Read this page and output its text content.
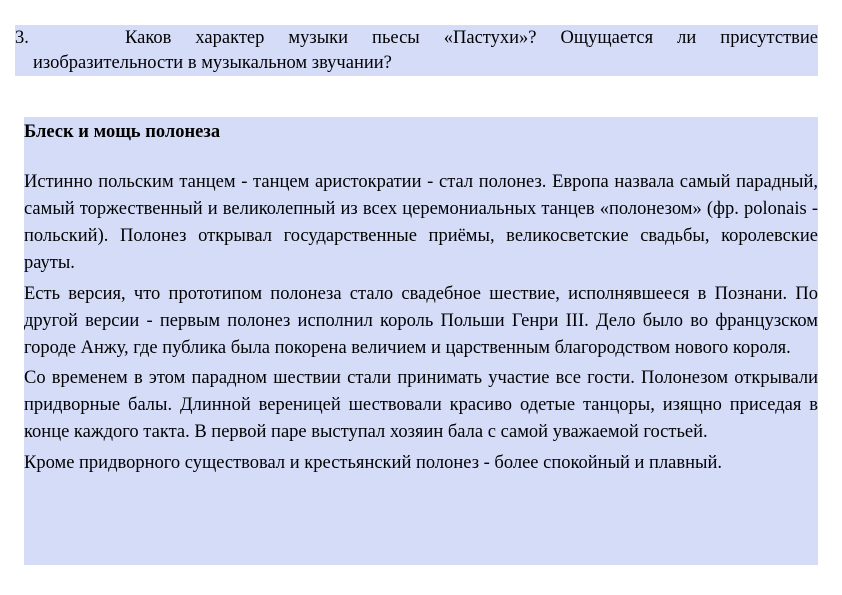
3.	Каков характер музыки пьесы «Пастухи»? Ощущается ли присутствие
изобразительности в музыкальном звучании?
Блеск и мощь полонеза

Истинно польским танцем - танцем аристократии - стал полонез. Европа назвала самый парадный, самый торжественный и великолепный из всех церемониальных танцев «полонезом» (фр. polonais - польский). Полонез открывал государственные приёмы, великосветские свадьбы, королевские рауты.

Есть версия, что прототипом полонеза стало свадебное шествие, исполнявшееся в Познани. По другой версии - первым полонез исполнил король Польши Генри III. Дело было во французском городе Анжу, где публика была покорена величием и царственным благородством нового короля.

Со временем в этом парадном шествии стали принимать участие все гости. Полонезом открывали придворные балы. Длинной вереницей шествовали красиво одетые танцоры, изящно приседая в конце каждого такта. В первой паре выступал хозяин бала с самой уважаемой гостьей.

Кроме придворного существовал и крестьянский полонез - более спокойный и плавный.
